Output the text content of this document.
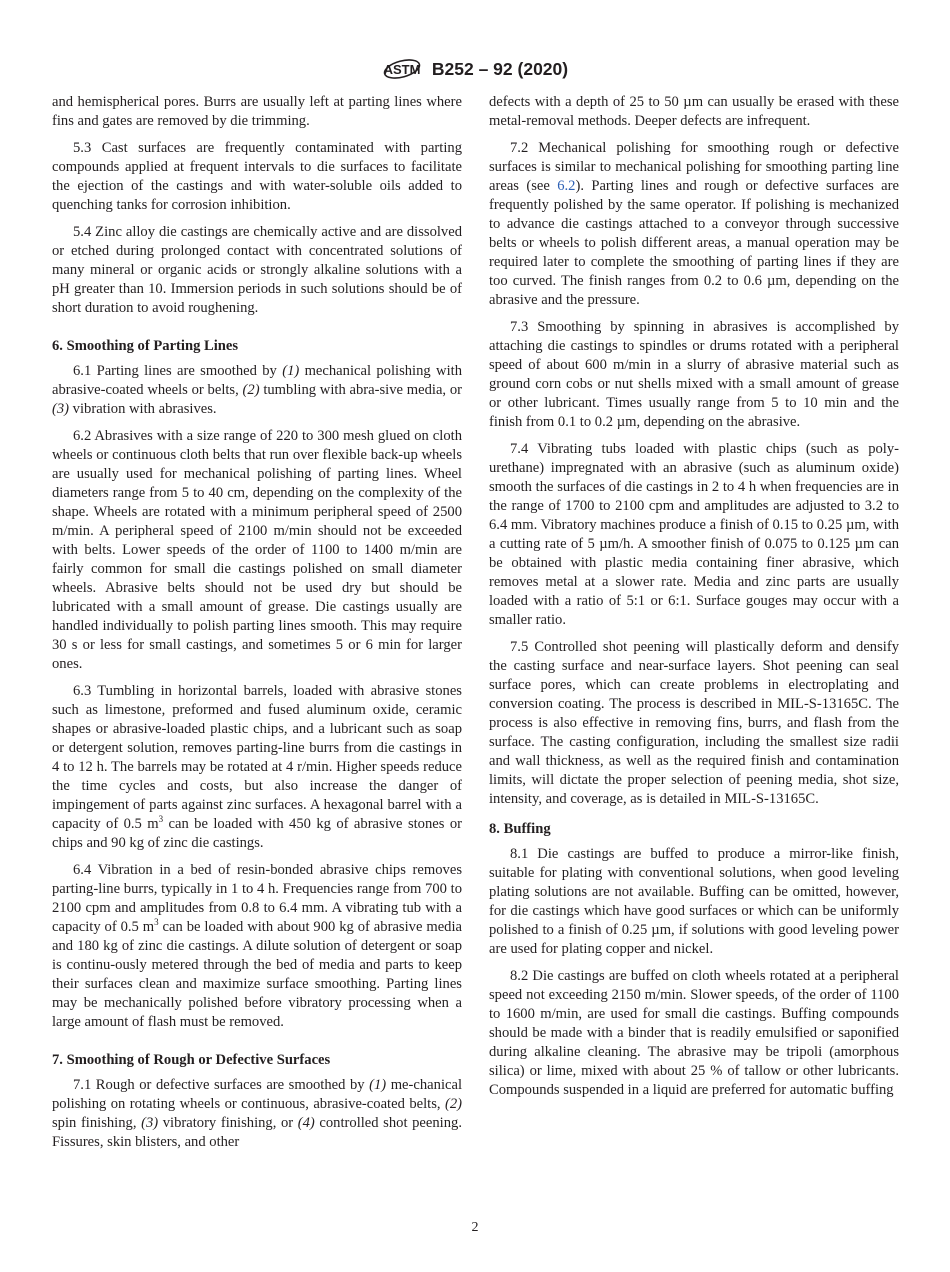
ASTM B252 – 92 (2020)

and hemispherical pores. Burrs are usually left at parting lines where fins and gates are removed by die trimming.

5.3 Cast surfaces are frequently contaminated with parting compounds applied at frequent intervals to die surfaces to facilitate the ejection of the castings and with water-soluble oils added to quenching tanks for corrosion inhibition.

5.4 Zinc alloy die castings are chemically active and are dissolved or etched during prolonged contact with concentrated solutions of many mineral or organic acids or strongly alkaline solutions with a pH greater than 10. Immersion periods in such solutions should be of short duration to avoid roughening.

6. Smoothing of Parting Lines

6.1 Parting lines are smoothed by (1) mechanical polishing with abrasive-coated wheels or belts, (2) tumbling with abra-sive media, or (3) vibration with abrasives.

6.2 Abrasives with a size range of 220 to 300 mesh glued on cloth wheels or continuous cloth belts that run over flexible back-up wheels are usually used for mechanical polishing of parting lines. Wheel diameters range from 5 to 40 cm, depending on the complexity of the shape. Wheels are rotated with a minimum peripheral speed of 2500 m/min. A peripheral speed of 2100 m/min should not be exceeded with belts. Lower speeds of the order of 1100 to 1400 m/min are fairly common for small die castings polished on small diameter wheels. Abrasive belts should not be used dry but should be lubricated with a small amount of grease. Die castings usually are handled individually to polish parting lines smooth. This may require 30 s or less for small castings, and sometimes 5 or 6 min for larger ones.

6.3 Tumbling in horizontal barrels, loaded with abrasive stones such as limestone, preformed and fused aluminum oxide, ceramic shapes or abrasive-loaded plastic chips, and a lubricant such as soap or detergent solution, removes parting-line burrs from die castings in 4 to 12 h. The barrels may be rotated at 4 r/min. Higher speeds reduce the time cycles and costs, but also increase the danger of impingement of parts against zinc surfaces. A hexagonal barrel with a capacity of 0.5 $m^3$ can be loaded with 450 kg of abrasive stones or chips and 90 kg of zinc die castings.

6.4 Vibration in a bed of resin-bonded abrasive chips removes parting-line burrs, typically in 1 to 4 h. Frequencies range from 700 to 2100 cpm and amplitudes from 0.8 to 6.4 mm. A vibrating tub with a capacity of 0.5 $m^3$ can be loaded with about 900 kg of abrasive media and 180 kg of zinc die castings. A dilute solution of detergent or soap is continu-ously metered through the bed of media and parts to keep their surfaces clean and maximize surface smoothing. Parting lines may be mechanically polished before vibratory processing when a large amount of flash must be removed.

7. Smoothing of Rough or Defective Surfaces

7.1 Rough or defective surfaces are smoothed by (1) me-chanical polishing on rotating wheels or continuous, abrasive-coated belts, (2) spin finishing, (3) vibratory finishing, or (4) controlled shot peening. Fissures, skin blisters, and other

defects with a depth of 25 to 50 µm can usually be erased with these metal-removal methods. Deeper defects are infrequent.

7.2 Mechanical polishing for smoothing rough or defective surfaces is similar to mechanical polishing for smoothing parting line areas (see 6.2). Parting lines and rough or defective surfaces are frequently polished by the same operator. If polishing is mechanized to advance die castings attached to a conveyor through successive belts or wheels to polish different areas, a manual operation may be required later to complete the smoothing of parting lines if they are too curved. The finish ranges from 0.2 to 0.6 µm, depending on the abrasive and the pressure.

7.3 Smoothing by spinning in abrasives is accomplished by attaching die castings to spindles or drums rotated with a peripheral speed of about 600 m/min in a slurry of abrasive material such as ground corn cobs or nut shells mixed with a small amount of grease or other lubricant. Times usually range from 5 to 10 min and the finish from 0.1 to 0.2 µm, depending on the abrasive.

7.4 Vibrating tubs loaded with plastic chips (such as poly-urethane) impregnated with an abrasive (such as aluminum oxide) smooth the surfaces of die castings in 2 to 4 h when frequencies are in the range of 1700 to 2100 cpm and amplitudes are adjusted to 3.2 to 6.4 mm. Vibratory machines produce a finish of 0.15 to 0.25 µm, with a cutting rate of 5 µm/h. A smoother finish of 0.075 to 0.125 µm can be obtained with plastic media containing finer abrasive, which removes metal at a slower rate. Media and zinc parts are usually loaded with a ratio of 5:1 or 6:1. Surface gouges may occur with a smaller ratio.

7.5 Controlled shot peening will plastically deform and densify the casting surface and near-surface layers. Shot peening can seal surface pores, which can create problems in electroplating and conversion coating. The process is described in MIL-S-13165C. The process is also effective in removing fins, burrs, and flash from the surface. The casting configuration, including the smallest size radii and wall thickness, as well as the required finish and contamination limits, will dictate the proper selection of peening media, shot size, intensity, and coverage, as is detailed in MIL-S-13165C.

8. Buffing

8.1 Die castings are buffed to produce a mirror-like finish, suitable for plating with conventional solutions, when good leveling plating solutions are not available. Buffing can be omitted, however, for die castings which have good surfaces or which can be uniformly polished to a finish of 0.25 µm, if solutions with good leveling power are used for plating copper and nickel.

8.2 Die castings are buffed on cloth wheels rotated at a peripheral speed not exceeding 2150 m/min. Slower speeds, of the order of 1100 to 1600 m/min, are used for small die castings. Buffing compounds should be made with a binder that is readily emulsified or saponified during alkaline cleaning. The abrasive may be tripoli (amorphous silica) or lime, mixed with about 25 % of tallow or other lubricants. Compounds suspended in a liquid are preferred for automatic buffing

2
